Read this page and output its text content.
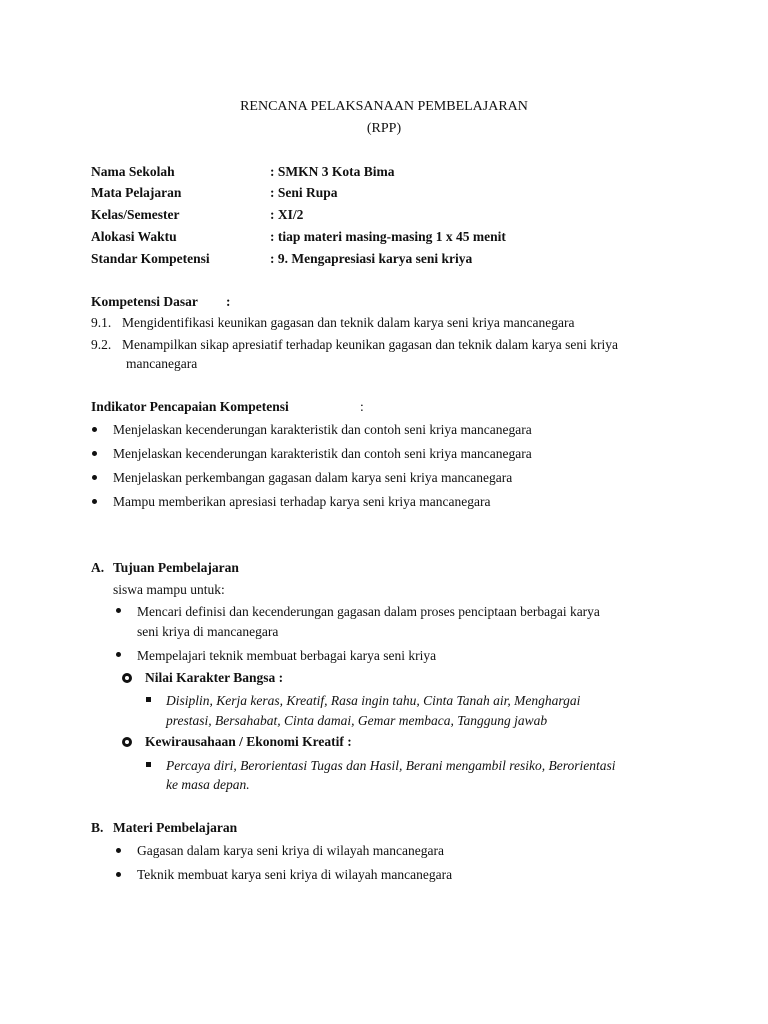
RENCANA PELAKSANAAN PEMBELAJARAN
(RPP)
Nama Sekolah	: SMKN 3 Kota Bima
Mata Pelajaran	: Seni Rupa
Kelas/Semester	: XI/2
Alokasi Waktu	: tiap materi masing-masing 1 x 45 menit
Standar Kompetensi	: 9. Mengapresiasi karya seni kriya
Kompetensi Dasar :
9.1. Mengidentifikasi keunikan gagasan dan teknik dalam karya seni kriya mancanegara
9.2. Menampilkan sikap apresiatif terhadap keunikan gagasan dan teknik dalam karya seni kriya
mancanegara
Indikator Pencapaian Kompetensi	:
Menjelaskan kecenderungan karakteristik dan contoh seni kriya mancanegara
Menjelaskan kecenderungan karakteristik dan contoh seni kriya mancanegara
Menjelaskan perkembangan gagasan dalam karya seni kriya mancanegara
Mampu memberikan apresiasi terhadap karya seni kriya mancanegara
A. Tujuan Pembelajaran
siswa mampu untuk:
Mencari definisi dan kecenderungan gagasan dalam proses penciptaan berbagai karya
seni kriya di mancanegara
Mempelajari teknik membuat berbagai karya seni kriya
Nilai Karakter Bangsa :
Disiplin, Kerja keras, Kreatif, Rasa ingin tahu, Cinta Tanah air, Menghargai
prestasi, Bersahabat, Cinta damai, Gemar membaca, Tanggung jawab
Kewirausahaan / Ekonomi Kreatif :
Percaya diri, Berorientasi Tugas dan Hasil, Berani mengambil resiko, Berorientasi
ke masa depan.
B. Materi Pembelajaran
Gagasan dalam karya seni kriya di wilayah mancanegara
Teknik membuat karya seni kriya di wilayah mancanegara
